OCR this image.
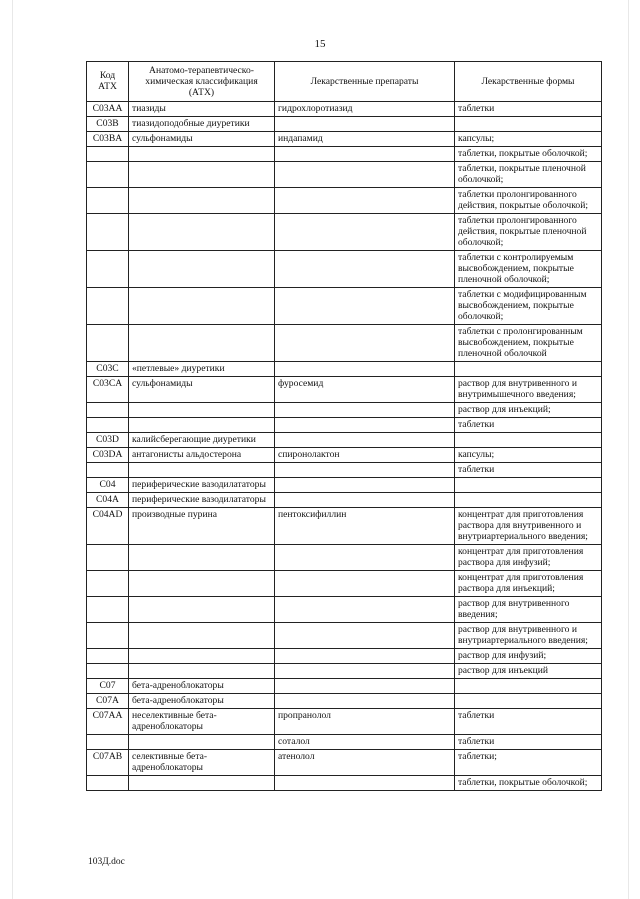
15
Код АТХ	Анатомо-терапевтическо-химическая классификация (АТХ)	Лекарственные препараты	Лекарственные формы
C03AA	тиазиды	гидрохлоротиазид	таблетки
C03B	тиазидоподобные диуретики		
C03BA	сульфонамиды	индапамид	капсулы;
			таблетки, покрытые оболочкой;
			таблетки, покрытые пленочной оболочкой;
			таблетки пролонгированного действия, покрытые оболочкой;
			таблетки пролонгированного действия, покрытые пленочной оболочкой;
			таблетки с контролируемым высвобождением, покрытые пленочной оболочкой;
			таблетки с модифицированным высвобождением, покрытые оболочкой;
			таблетки с пролонгированным высвобождением, покрытые пленочной оболочкой
C03C	«петлевые» диуретики		
C03CA	сульфонамиды	фуросемид	раствор для внутривенного и внутримышечного введения;
			раствор для инъекций;
			таблетки
C03D	калийсберегающие диуретики		
C03DA	антагонисты альдостерона	спиронолактон	капсулы;
			таблетки
C04	периферические вазодилататоры		
C04A	периферические вазодилататоры		
C04AD	производные пурина	пентоксифиллин	концентрат для приготовления раствора для внутривенного и внутриартериального введения;
			концентрат для приготовления раствора для инфузий;
			концентрат для приготовления раствора для инъекций;
			раствор для внутривенного введения;
			раствор для внутривенного и внутриартериального введения;
			раствор для инфузий;
			раствор для инъекций
C07	бета-адреноблокаторы		
C07A	бета-адреноблокаторы		
C07AA	неселективные бета-адреноблокаторы	пропранолол	таблетки
		соталол	таблетки
C07AB	селективные бета-адреноблокаторы	атенолол	таблетки;
			таблетки, покрытые оболочкой;
103Д.doc
